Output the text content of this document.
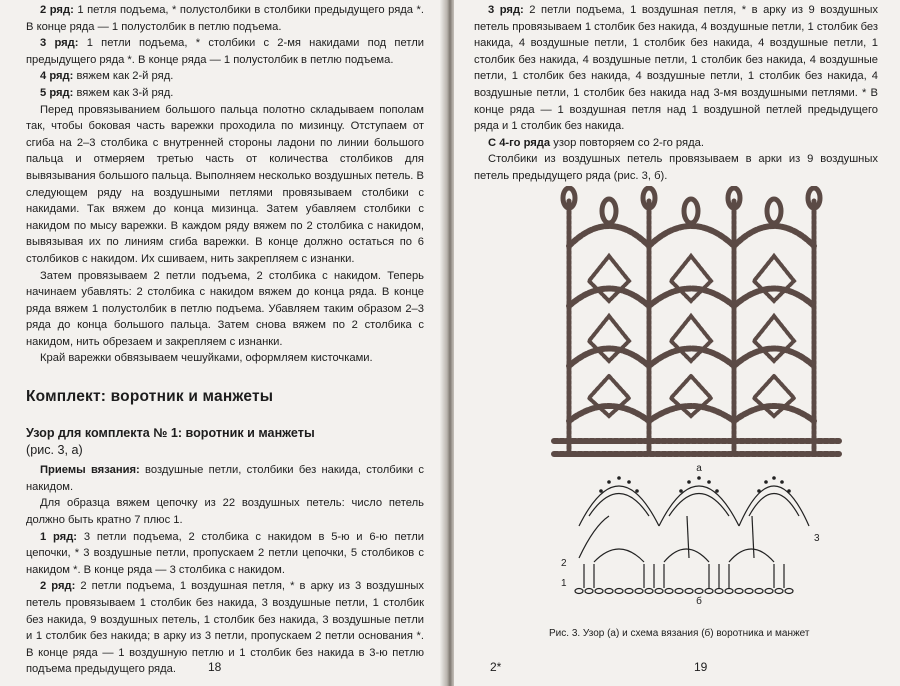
2 ряд: 1 петля подъема, * полустолбики в столбики предыдущего ряда *. В конце ряда — 1 полустолбик в петлю подъема.

3 ряд: 1 петли подъема, * столбики с 2-мя накидами под петли предыдущего ряда *. В конце ряда — 1 полустолбик в петлю подъема.

4 ряд: вяжем как 2-й ряд.

5 ряд: вяжем как 3-й ряд.

Перед провязыванием большого пальца полотно складываем пополам так, чтобы боковая часть варежки проходила по мизинцу. Отступаем от сгиба на 2–3 столбика с внутренней стороны ладони по линии большого пальца и отмеряем третью часть от количества столбиков для вывязывания большого пальца. Выполняем несколько воздушных петель. В следующем ряду на воздушными петлями провязываем столбики с накидами. Так вяжем до конца мизинца. Затем убавляем столбики с накидом по мысу варежки. В каждом ряду вяжем по 2 столбика с накидом, вывязывая их по линиям сгиба варежки. В конце должно остаться по 6 столбиков с накидом. Их сшиваем, нить закрепляем с изнанки.

Затем провязываем 2 петли подъема, 2 столбика с накидом. Теперь начинаем убавлять: 2 столбика с накидом вяжем до конца ряда. В конце ряда вяжем 1 полустолбик в петлю подъема. Убавляем таким образом 2–3 ряда до конца большого пальца. Затем снова вяжем по 2 столбика с накидом, нить обрезаем и закрепляем с изнанки.

Край варежки обвязываем чешуйками, оформляем кисточками.

Комплект: воротник и манжеты
Узор для комплекта № 1: воротник и манжеты
(рис. 3, а)

Приемы вязания: воздушные петли, столбики без накида, столбики с накидом.

Для образца вяжем цепочку из 22 воздушных петель: число петель должно быть кратно 7 плюс 1.

1 ряд: 3 петли подъема, 2 столбика с накидом в 5-ю и 6-ю петли цепочки, * 3 воздушные петли, пропускаем 2 петли цепочки, 5 столбиков с накидом *. В конце ряда — 3 столбика с накидом.

2 ряд: 2 петли подъема, 1 воздушная петля, * в арку из 3 воздушных петель провязываем 1 столбик без накида, 3 воздушные петли, 1 столбик без накида, 9 воздушных петель, 1 столбик без накида, 3 воздушные петли и 1 столбик без накида; в арку из 3 петли, пропускаем 2 петли основания *. В конце ряда — 1 воздушную петлю и 1 столбик без накида в 3-ю петлю подъема предыдущего ряда.	18

3 ряд: 2 петли подъема, 1 воздушная петля, * в арку из 9 воздушных петель провязываем 1 столбик без накида, 4 воздушные петли, 1 столбик без накида, 4 воздушные петли, 1 столбик без накида, 4 воздушные петли, 1 столбик без накида, 4 воздушные петли, 1 столбик без накида, 4 воздушные петли, 1 столбик без накида, 4 воздушные петли, 1 столбик без накида, 4 воздушные петли, 1 столбик без накида над 3-мя воздушными петлями. * В конце ряда — 1 воздушная петля над 1 воздушной петлей предыдущего ряда и 1 столбик без накида.

С 4-го ряда узор повторяем со 2-го ряда.

Столбики из воздушных петель провязываем в арки из 9 воздушных петель предыдущего ряда (рис. 3, б).

а
3
2
1
б
Рис. 3. Узор (а) и схема вязания (б) воротника и манжет
2*	19
